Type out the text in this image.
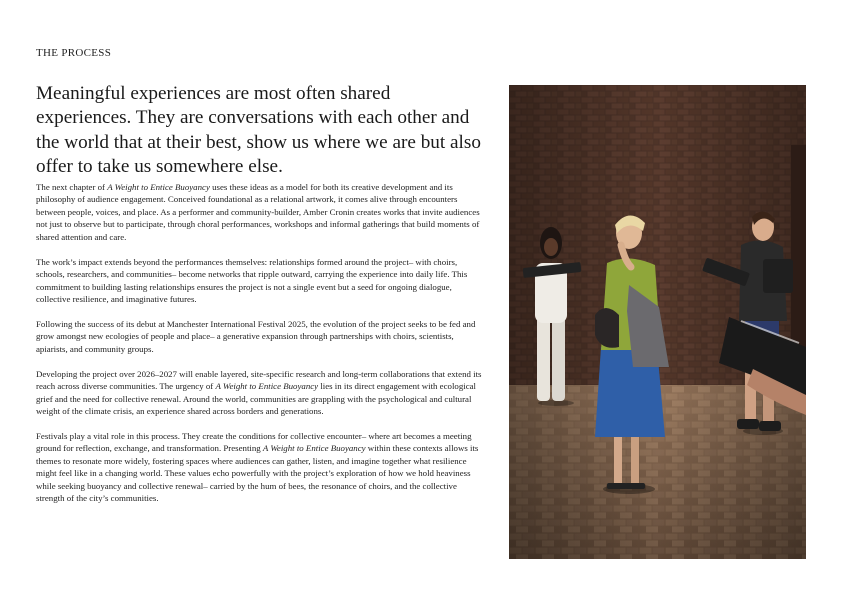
THE PROCESS
Meaningful experiences are most often shared experiences. They are conversations with each other and the world that at their best, show us where we are but also offer to take us somewhere else.

The next chapter of A Weight to Entice Buoyancy uses these ideas as a model for both its creative development and its philosophy of audience engagement. Conceived foundational as a relational artwork, it comes alive through encounters between people, voices, and place. As a performer and community-builder, Amber Cronin creates works that invite audiences not just to observe but to participate, through choral performances, workshops and informal gatherings that build moments of shared attention and care.

The work’s impact extends beyond the performances themselves: relationships formed around the project– with choirs, schools, researchers, and communities– become networks that ripple outward, carrying the experience into daily life. This commitment to building lasting relationships ensures the project is not a single event but a seed for ongoing dialogue, collective resilience, and imaginative futures.

Following the success of its debut at Manchester International Festival 2025, the evolution of the project seeks to be fed and grow amongst new ecologies of people and place– a generative expansion through partnerships with choirs, scientists, apiarists, and community groups.

Developing the project over 2026–2027 will enable layered, site-specific research and long-term collaborations that extend its reach across diverse communities. The urgency of A Weight to Entice Buoyancy lies in its direct engagement with ecological grief and the need for collective renewal. Around the world, communities are grappling with the psychological and cultural weight of the climate crisis, an experience shared across borders and generations.

Festivals play a vital role in this process. They create the conditions for collective encounter– where art becomes a meeting ground for reflection, exchange, and transformation. Presenting A Weight to Entice Buoyancy within these contexts allows its themes to resonate more widely, fostering spaces where audiences can gather, listen, and imagine together what resilience might feel like in a changing world. These values echo powerfully with the project’s exploration of how we hold heaviness while seeking buoyancy and collective renewal– carried by the hum of bees, the resonance of choirs, and the collective strength of the city’s communities.
